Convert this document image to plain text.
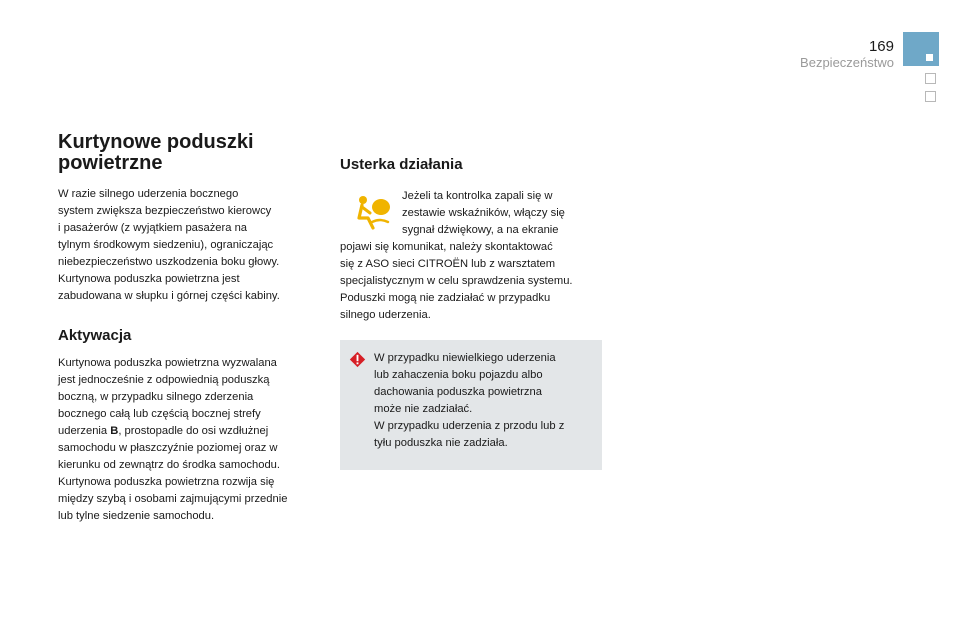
169
Bezpieczeństwo
Kurtynowe poduszki
powietrzne

W razie silnego uderzenia bocznego
system zwiększa bezpieczeństwo kierowcy
i pasażerów (z wyjątkiem pasażera na
tylnym środkowym siedzeniu), ograniczając
niebezpieczeństwo uszkodzenia boku głowy.
Kurtynowa poduszka powietrzna jest
zabudowana w słupku i górnej części kabiny.

Aktywacja

Kurtynowa poduszka powietrzna wyzwalana
jest jednocześnie z odpowiednią poduszką
boczną, w przypadku silnego zderzenia
bocznego całą lub częścią bocznej strefy
uderzenia B, prostopadle do osi wzdłużnej
samochodu w płaszczyźnie poziomej oraz w
kierunku od zewnątrz do środka samochodu.
Kurtynowa poduszka powietrzna rozwija się
między szybą i osobami zajmującymi przednie
lub tylne siedzenie samochodu.

Usterka działania

Jeżeli ta kontrolka zapali się w
zestawie wskaźników, włączy się
sygnał dźwiękowy, a na ekranie
pojawi się komunikat, należy skontaktować
się z ASO sieci CITROËN lub z warsztatem
specjalistycznym w celu sprawdzenia systemu.
Poduszki mogą nie zadziałać w przypadku
silnego uderzenia.

W przypadku niewielkiego uderzenia
lub zahaczenia boku pojazdu albo
dachowania poduszka powietrzna
może nie zadziałać.
W przypadku uderzenia z przodu lub z
tyłu poduszka nie zadziała.
